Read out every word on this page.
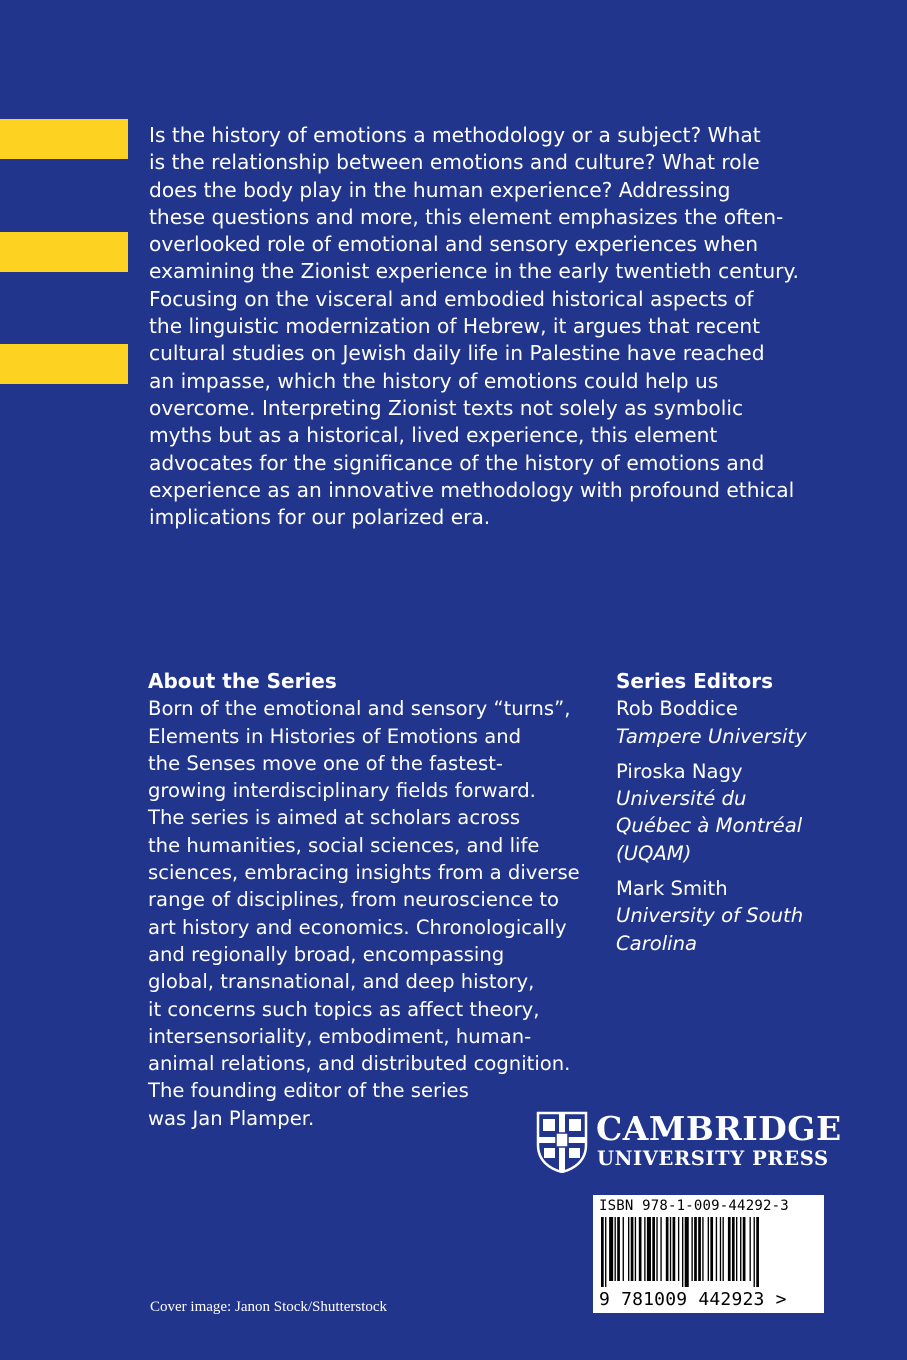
Is the history of emotions a methodology or a subject? What
is the relationship between emotions and culture? What role
does the body play in the human experience? Addressing
these questions and more, this element emphasizes the often-
overlooked role of emotional and sensory experiences when
examining the Zionist experience in the early twentieth century.
Focusing on the visceral and embodied historical aspects of
the linguistic modernization of Hebrew, it argues that recent
cultural studies on Jewish daily life in Palestine have reached
an impasse, which the history of emotions could help us
overcome. Interpreting Zionist texts not solely as symbolic
myths but as a historical, lived experience, this element
advocates for the significance of the history of emotions and
experience as an innovative methodology with profound ethical
implications for our polarized era.

About the Series

Born of the emotional and sensory “turns”,
Elements in Histories of Emotions and
the Senses move one of the fastest-
growing interdisciplinary fields forward.
The series is aimed at scholars across
the humanities, social sciences, and life
sciences, embracing insights from a diverse
range of disciplines, from neuroscience to
art history and economics. Chronologically
and regionally broad, encompassing
global, transnational, and deep history,
it concerns such topics as affect theory,
intersensoriality, embodiment, human-
animal relations, and distributed cognition.
The founding editor of the series
was Jan Plamper.

Series Editors
Rob Boddice
Tampere University
Piroska Nagy
Université du
Québec à Montréal
(UQAM)
Mark Smith
University of South
Carolina
CAMBRIDGE
UNIVERSITY PRESS
ISBN 978-1-009-44292-3
9 781009 442923 >
Cover image: Janon Stock/Shutterstock
